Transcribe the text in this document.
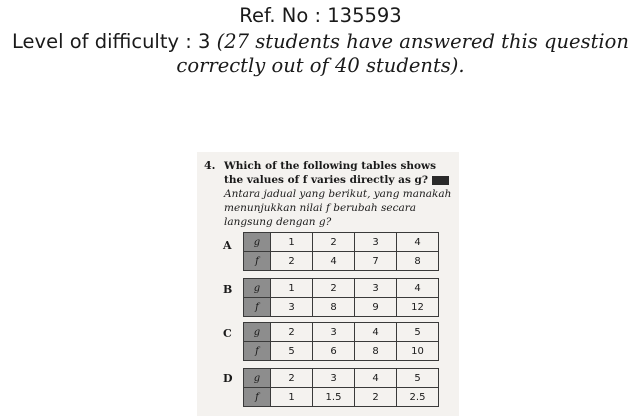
Ref. No : 135593
Level of difficulty : 3 (27 students have answered this question
correctly out of 40 students).

4. Which of the following tables shows the values of f varies directly as g?
Antara jadual yang berikut, yang manakah menunjukkan nilai f berubah secara langsung dengan g?
A g	1	2	3	4
f	2	4	7	8
B g	1	2	3	4
f	3	8	9	12
C g	2	3	4	5
f	5	6	8	10
D g	2	3	4	5
f	1	1.5	2	2.5
